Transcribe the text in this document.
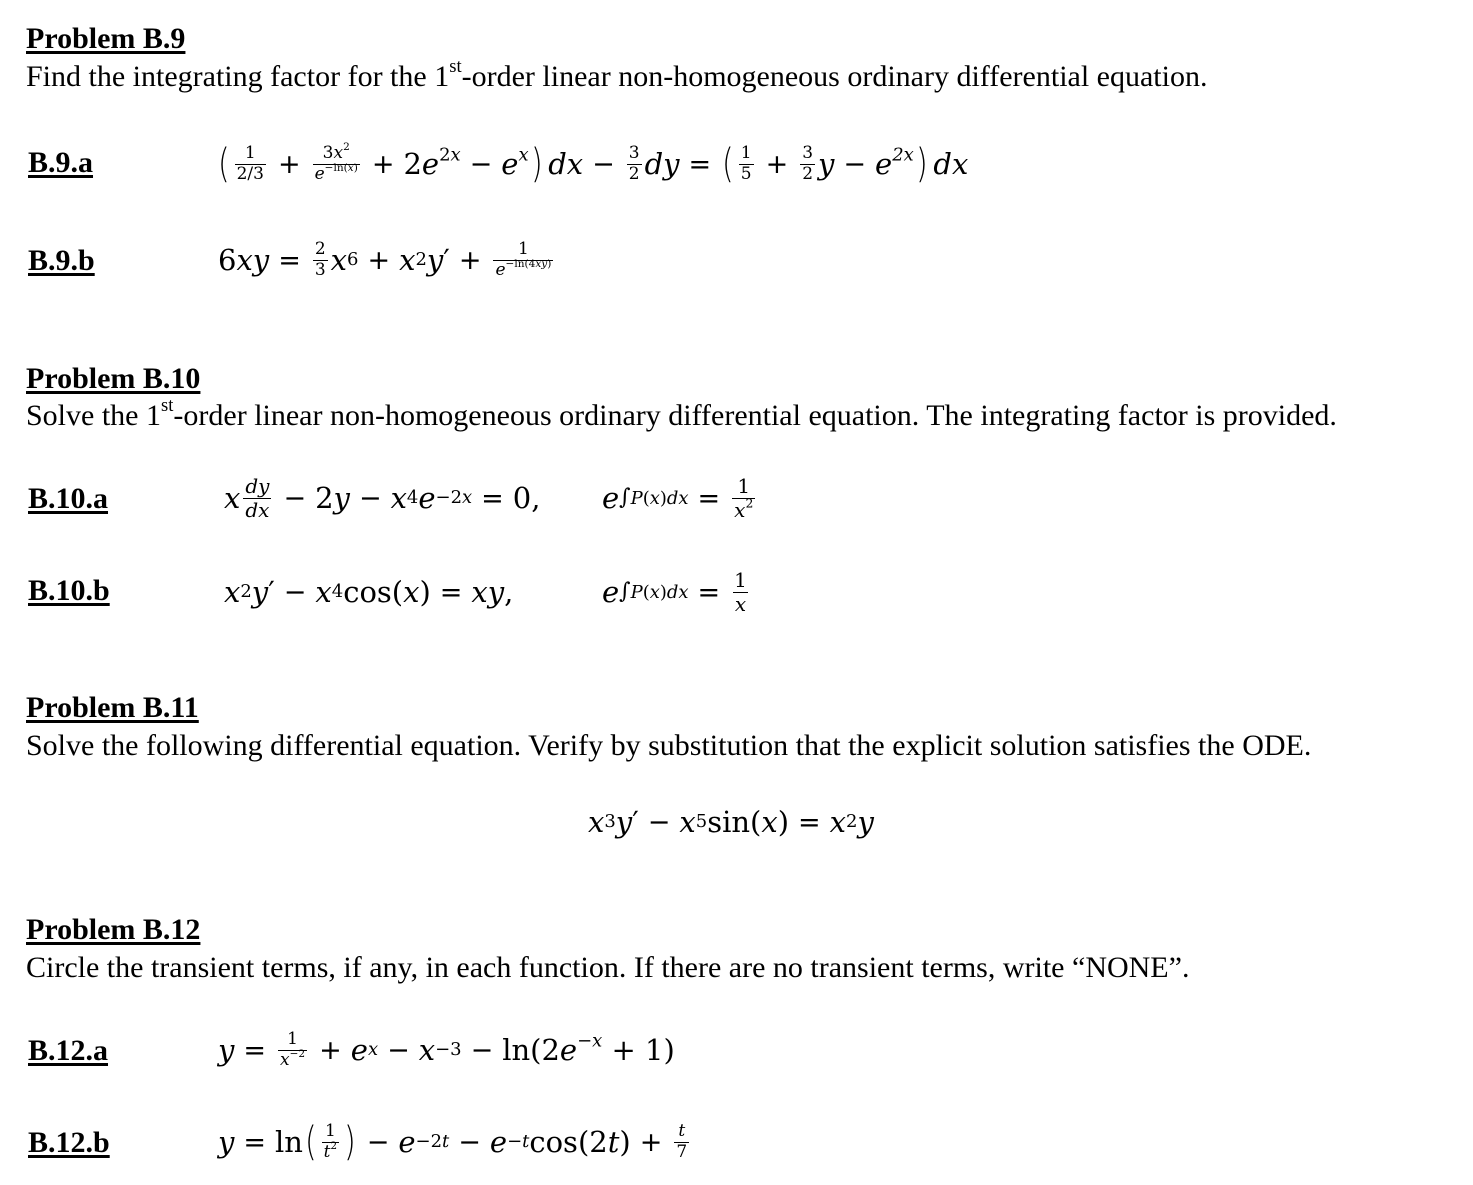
Problem B.9
Find the integrating factor for the 1st-order linear non-homogeneous ordinary differential equation.
B.9.a	( $\frac{1}{2/3} + \frac{3x^2}{e^{-ln(x)}} + 2e^{2x} - e^x$ ) dx − $\frac{3}{2}$ dy = ( $\frac{1}{5} + \frac{3}{2}$ $y - e^{2x}$ ) dx
B.9.b	$6xy = \frac{2}{3}$ x 6 + x 2 y ′ + $\frac{1}{e^{-ln(4xy)}}$
Problem B.10
Solve the 1st-order linear non-homogeneous ordinary differential equation. The integrating factor is provided.
B.10.a	x $\frac{dy}{dx} - 2y - x$ 4 e −2x = 0, e $\int P(x)dx = \frac{1}{x^2}$
B.10.b	x 2 y ′ − x 4 cos(x) = xy ,	e $\int P(x)dx = \frac{1}{x}$
Problem B.11
Solve the following differential equation. Verify by substitution that the explicit solution satisfies the ODE.
x 3 y ′ − x 5 sin(x) = x 2 y
Problem B.12
Circle the transient terms, if any, in each function. If there are no transient terms, write “NONE”.
B.12.a	$y = \frac{1}{x^{-2}} + e$ $x - x -3 - \ln(2e^{-x} + 1)$
B.12.b	y = ln ( $\frac{1}{t^2}$ ) − e −2t − e −t $\cos(2t) + \frac{t}{7}$
